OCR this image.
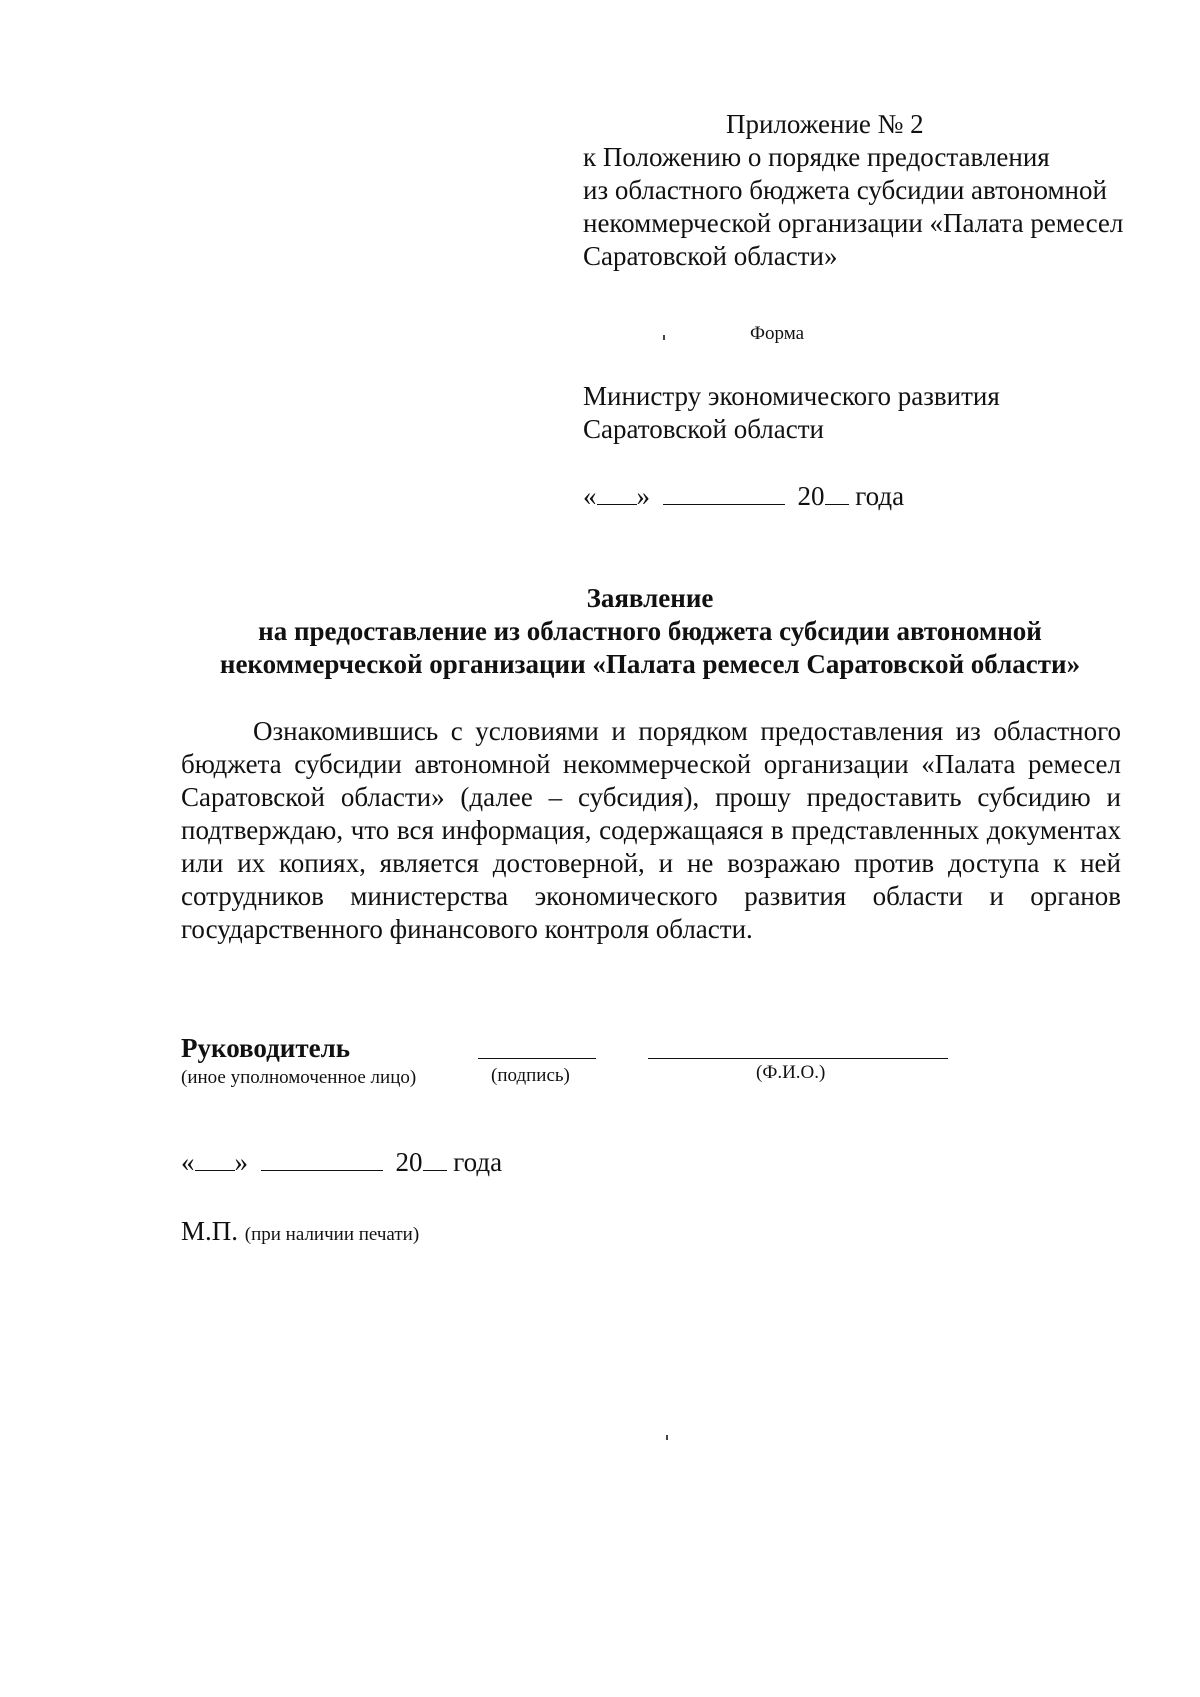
Приложение № 2
к Положению о порядке предоставления
из областного бюджета субсидии автономной
некоммерческой организации «Палата ремесел
Саратовской области»
Форма
Министру экономического развития
Саратовской области
« »	20 года
Заявление
на предоставление из областного бюджета субсидии автономной
некоммерческой организации «Палата ремесел Саратовской области»
Ознакомившись с условиями и порядком предоставления из областного бюджета субсидии автономной некоммерческой организации «Палата ремесел Саратовской области» (далее – субсидия), прошу предоставить субсидию и подтверждаю, что вся информация, содержащаяся в представленных документах или их копиях, является достоверной, и не возражаю против доступа к ней сотрудников министерства экономического развития области и органов государственного финансового контроля области.
Руководитель
(иное уполномоченное лицо)	(подпись)	(Ф.И.О.)
« »	20 года
М.П. (при наличии печати)
